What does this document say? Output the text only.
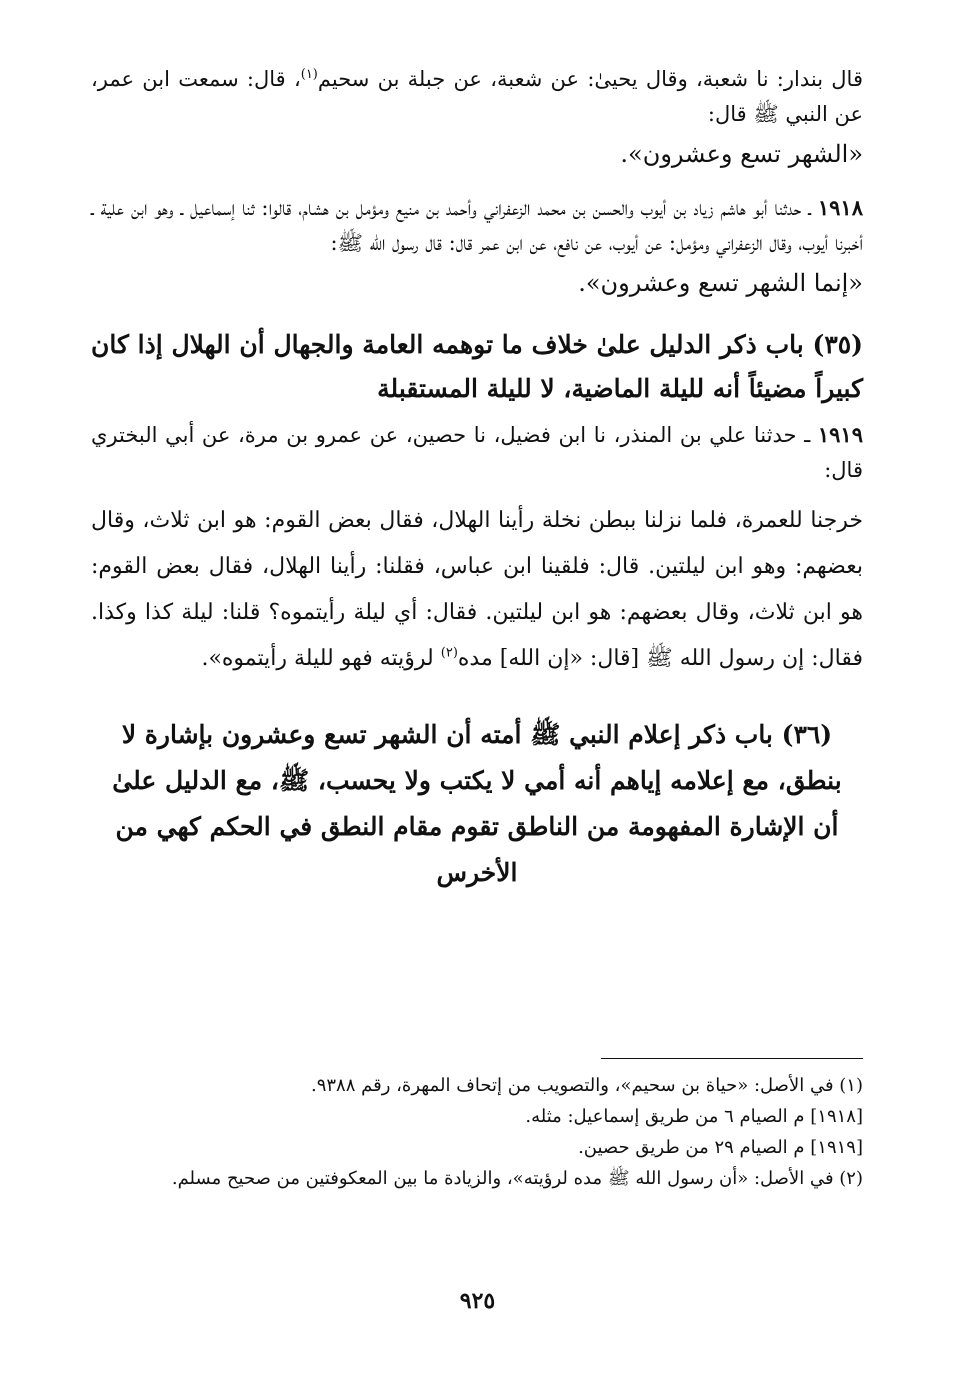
قال بندار: نا شعبة، وقال يحيىٰ: عن شعبة، عن جبلة بن سحيم$^{(١)}$، قال: سمعت ابن عمر، عن النبي ﷺ قال:

«الشهر تسع وعشرون».

١٩١٨ ـ حدثنا أبو هاشم زياد بن أيوب والحسن بن محمد الزعفراني وأحمد بن منيع ومؤمل بن هشام، قالوا: ثنا إسماعيل ـ وهو ابن علية ـ أخبرنا أيوب، وقال الزعفراني ومؤمل: عن أيوب، عن نافع، عن ابن عمر قال: قال رسول الله ﷺ:

«إنما الشهر تسع وعشرون».

(٣٥) باب ذكر الدليل علىٰ خلاف ما توهمه العامة والجهال أن الهلال إذا كان كبيراً مضيئاً أنه لليلة الماضية، لا لليلة المستقبلة

١٩١٩ ـ حدثنا علي بن المنذر، نا ابن فضيل، نا حصين، عن عمرو بن مرة، عن أبي البختري قال:

خرجنا للعمرة، فلما نزلنا ببطن نخلة رأينا الهلال، فقال بعض القوم: هو ابن ثلاث، وقال بعضهم: وهو ابن ليلتين. قال: فلقينا ابن عباس، فقلنا: رأينا الهلال، فقال بعض القوم: هو ابن ثلاث، وقال بعضهم: هو ابن ليلتين. فقال: أي ليلة رأيتموه؟ قلنا: ليلة كذا وكذا. فقال: إن رسول الله ﷺ [قال: «إن الله] مده$^{(٢)}$ لرؤيته فهو لليلة رأيتموه».

(٣٦) باب ذكر إعلام النبي ﷺ أمته أن الشهر تسع وعشرون بإشارة لا بنطق، مع إعلامه إياهم أنه أمي لا يكتب ولا يحسب، ﷺ، مع الدليل علىٰ أن الإشارة المفهومة من الناطق تقوم مقام النطق في الحكم كهي من الأخرس

(١) في الأصل: «حياة بن سحيم»، والتصويب من إتحاف المهرة، رقم ٩٣٨٨.

[١٩١٨] م الصيام ٦ من طريق إسماعيل: مثله.

[١٩١٩] م الصيام ٢٩ من طريق حصين.

(٢) في الأصل: «أن رسول الله ﷺ مده لرؤيته»، والزيادة ما بين المعكوفتين من صحيح مسلم.

٩٢٥
